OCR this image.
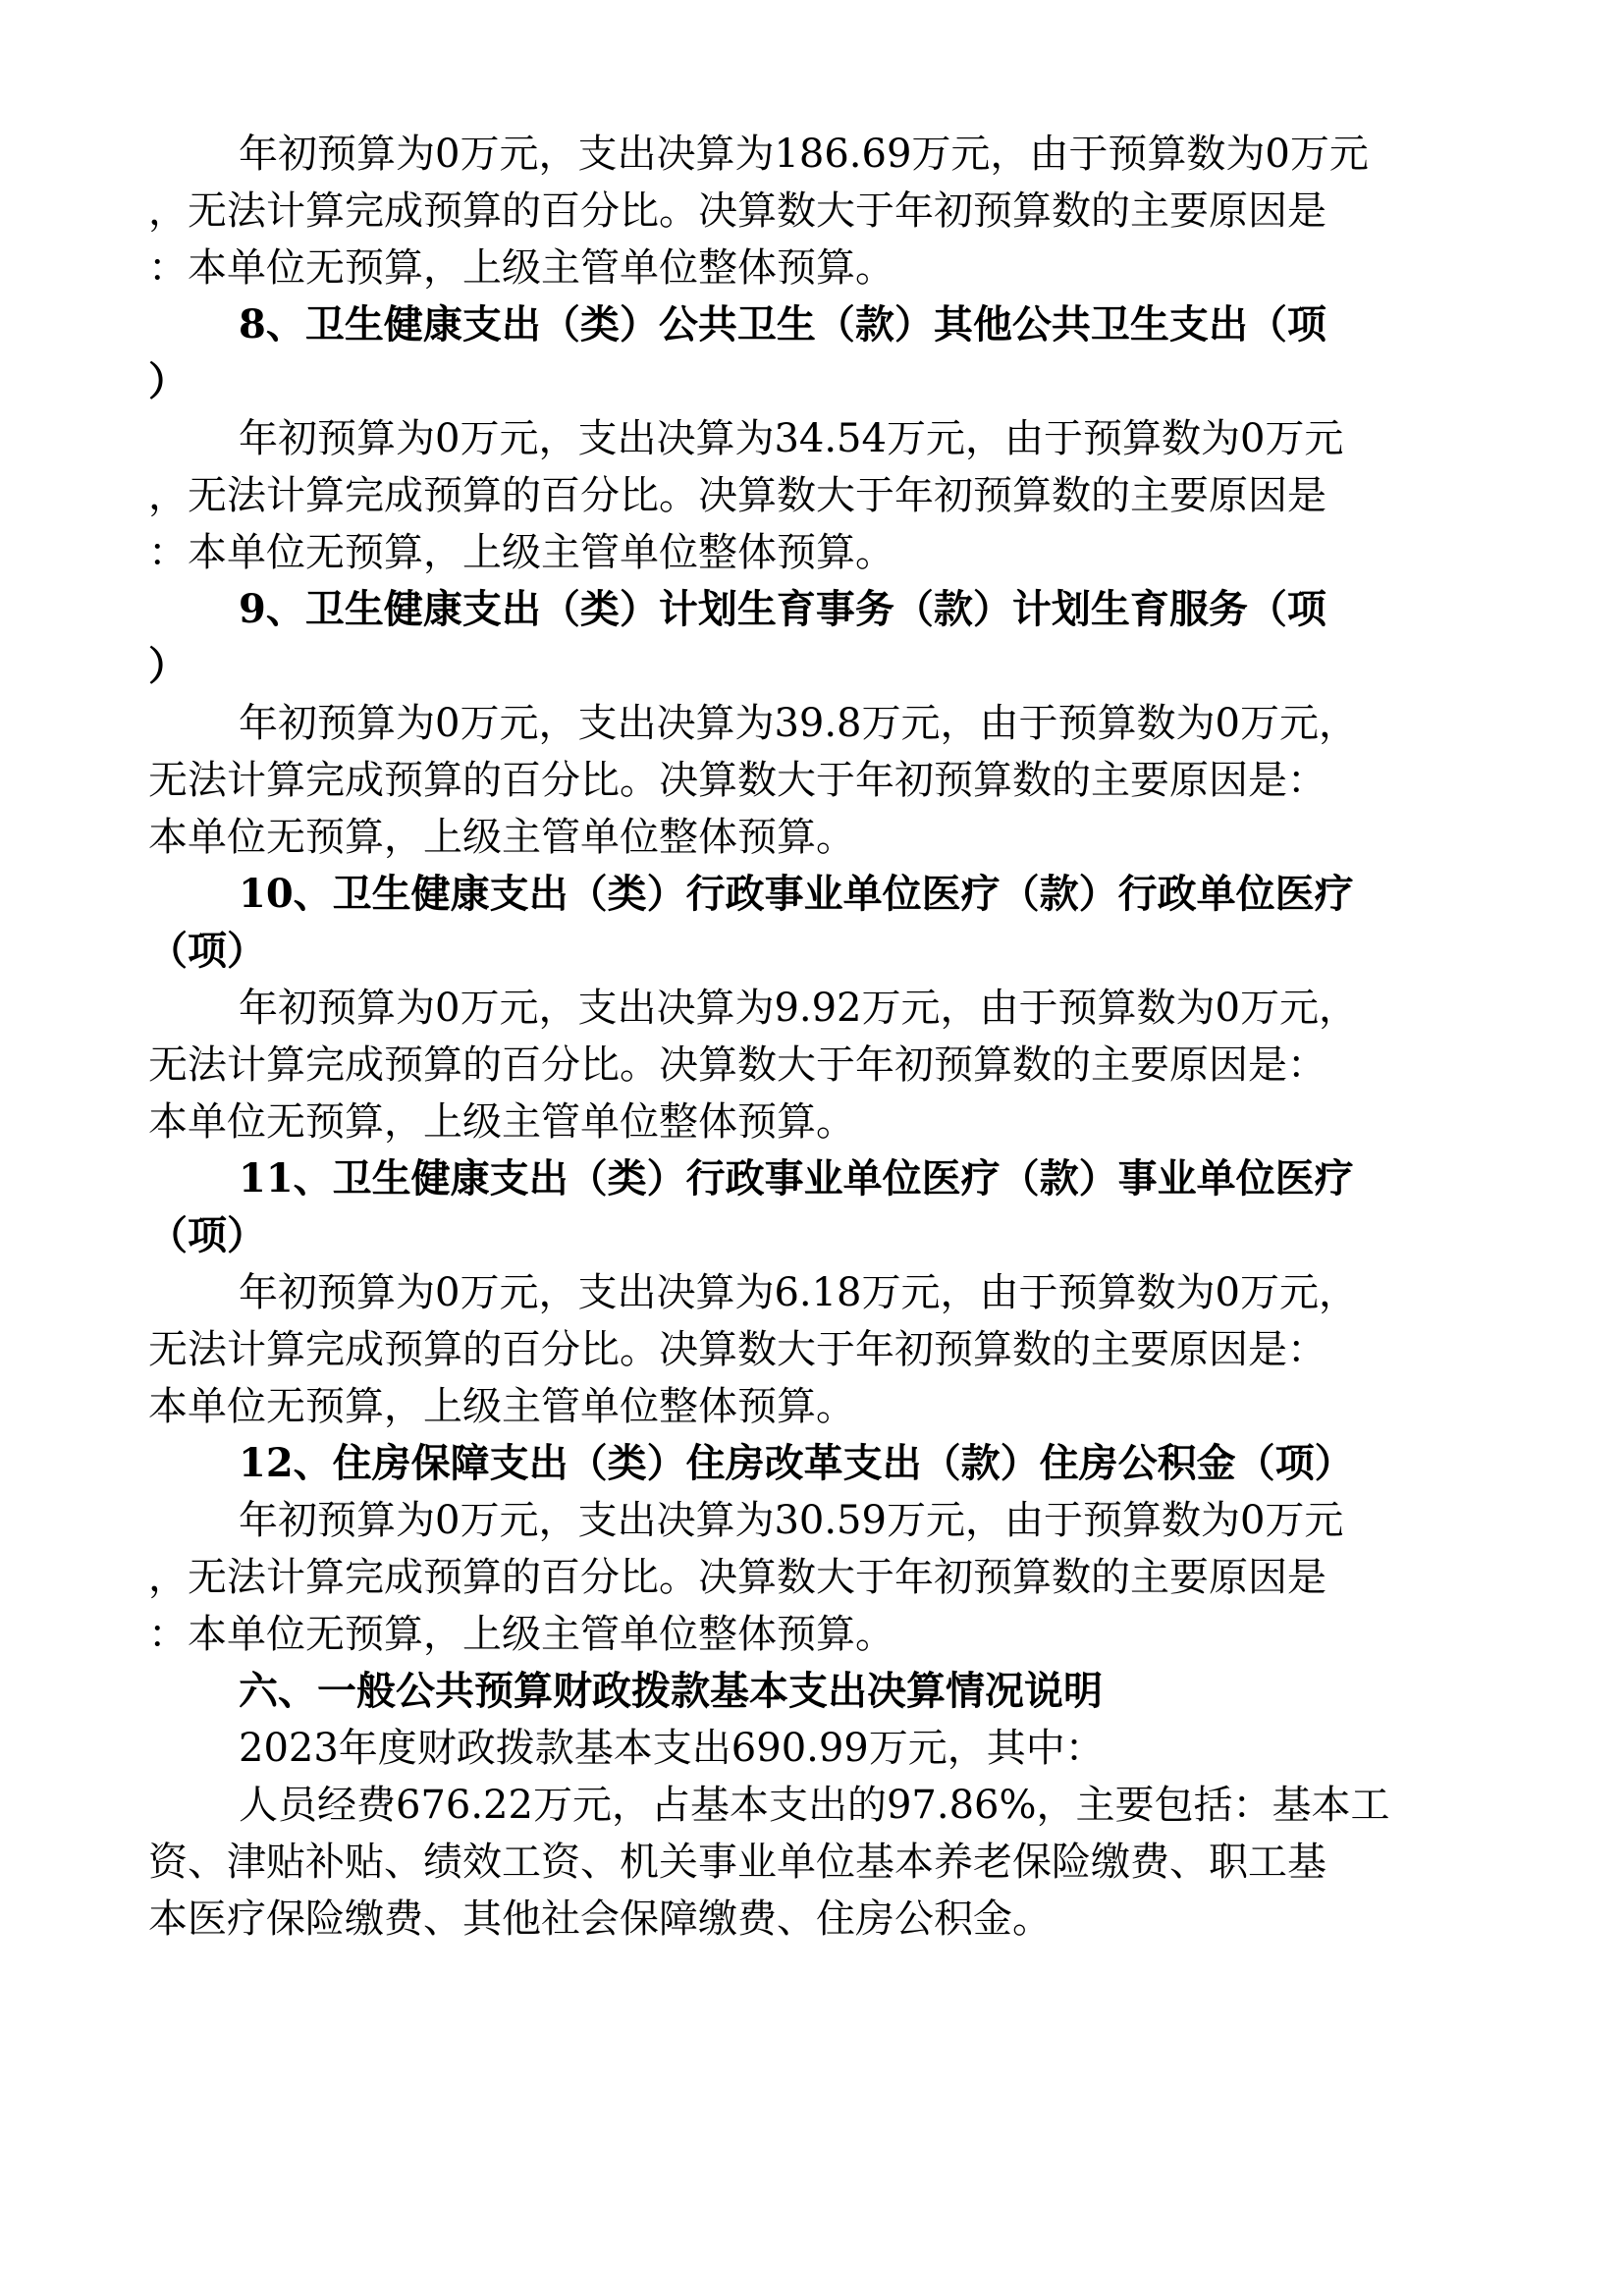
年初预算为0万元，支出决算为186.69万元，由于预算数为0万元
，无法计算完成预算的百分比。决算数大于年初预算数的主要原因是
：本单位无预算，上级主管单位整体预算。
8、卫生健康支出（类）公共卫生（款）其他公共卫生支出（项
）
年初预算为0万元，支出决算为34.54万元，由于预算数为0万元
，无法计算完成预算的百分比。决算数大于年初预算数的主要原因是
：本单位无预算，上级主管单位整体预算。
9、卫生健康支出（类）计划生育事务（款）计划生育服务（项
）
年初预算为0万元，支出决算为39.8万元，由于预算数为0万元，
无法计算完成预算的百分比。决算数大于年初预算数的主要原因是：
本单位无预算，上级主管单位整体预算。
10、卫生健康支出（类）行政事业单位医疗（款）行政单位医疗
（项）
年初预算为0万元，支出决算为9.92万元，由于预算数为0万元，
无法计算完成预算的百分比。决算数大于年初预算数的主要原因是：
本单位无预算，上级主管单位整体预算。
11、卫生健康支出（类）行政事业单位医疗（款）事业单位医疗
（项）
年初预算为0万元，支出决算为6.18万元，由于预算数为0万元，
无法计算完成预算的百分比。决算数大于年初预算数的主要原因是：
本单位无预算，上级主管单位整体预算。
12、住房保障支出（类）住房改革支出（款）住房公积金（项）
年初预算为0万元，支出决算为30.59万元，由于预算数为0万元
，无法计算完成预算的百分比。决算数大于年初预算数的主要原因是
：本单位无预算，上级主管单位整体预算。
六、一般公共预算财政拨款基本支出决算情况说明
2023年度财政拨款基本支出690.99万元，其中：
人员经费676.22万元，占基本支出的97.86%，主要包括：基本工
资、津贴补贴、绩效工资、机关事业单位基本养老保险缴费、职工基
本医疗保险缴费、其他社会保障缴费、住房公积金。
